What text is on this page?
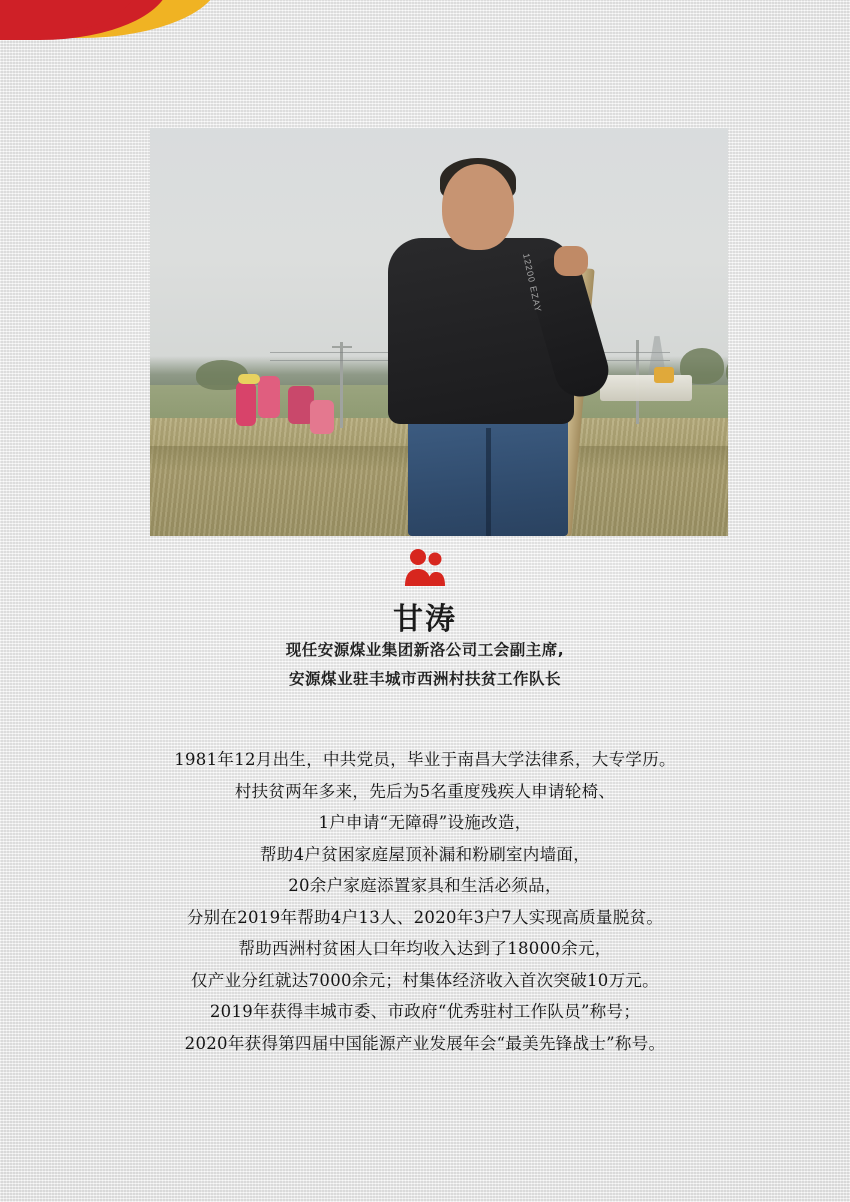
12200 EZAY
甘涛
现任安源煤业集团新洛公司工会副主席,
安源煤业驻丰城市西洲村扶贫工作队长
1981年12月出生，中共党员，毕业于南昌大学法律系，大专学历。
村扶贫两年多来，先后为5名重度残疾人申请轮椅、
1户申请“无障碍”设施改造，
帮助4户贫困家庭屋顶补漏和粉刷室内墙面，
20余户家庭添置家具和生活必须品，
分别在2019年帮助4户13人、2020年3户7人实现高质量脱贫。
帮助西洲村贫困人口年均收入达到了18000余元，
仅产业分红就达7000余元；村集体经济收入首次突破10万元。
2019年获得丰城市委、市政府“优秀驻村工作队员”称号；
2020年获得第四届中国能源产业发展年会“最美先锋战士”称号。
